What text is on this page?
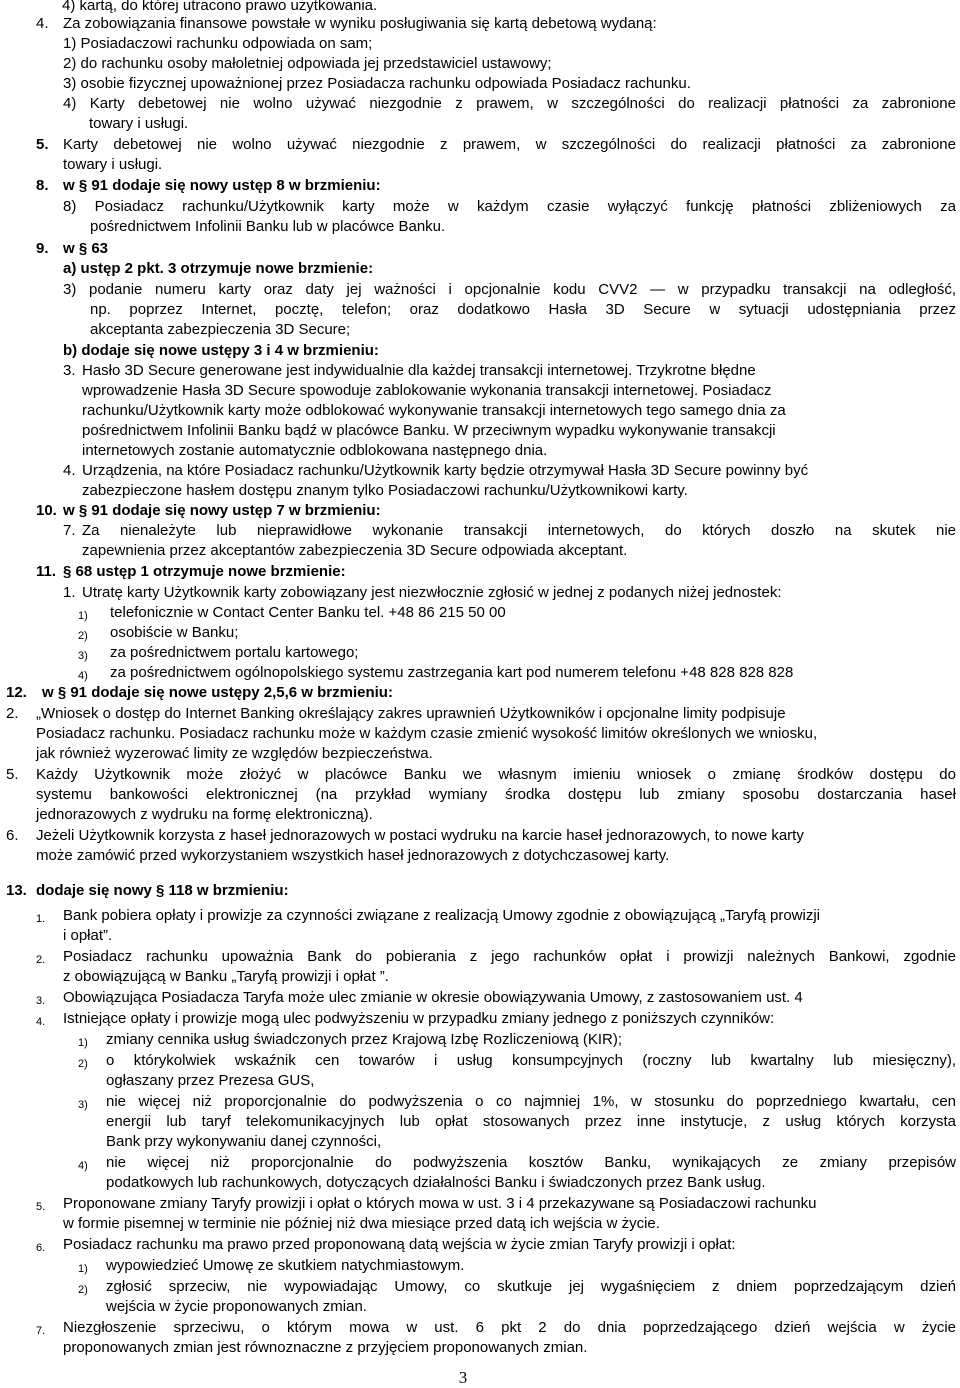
4) kartą, do której utracono prawo użytkowania.
4. Za zobowiązania finansowe powstałe w wyniku posługiwania się kartą debetową wydaną:
1) Posiadaczowi rachunku odpowiada on sam;
2) do rachunku osoby małoletniej odpowiada jej przedstawiciel ustawowy;
3) osobie fizycznej upoważnionej przez Posiadacza rachunku odpowiada Posiadacz rachunku.
4) Karty debetowej nie wolno używać niezgodnie z prawem, w szczególności do realizacji płatności za zabronione
towary i usługi.
5. Karty debetowej nie wolno używać niezgodnie z prawem, w szczególności do realizacji płatności za zabronione
towary i usługi.
8. w § 91 dodaje się nowy ustęp 8 w brzmieniu:
8) Posiadacz rachunku/Użytkownik karty może w każdym czasie wyłączyć funkcję płatności zbliżeniowych za
pośrednictwem Infolinii Banku lub w placówce Banku.
9. w § 63
a) ustęp 2 pkt. 3 otrzymuje nowe brzmienie:
3) podanie numeru karty oraz daty jej ważności i opcjonalnie kodu CVV2 — w przypadku transakcji na odległość,
np. poprzez Internet, pocztę, telefon; oraz dodatkowo Hasła 3D Secure w sytuacji udostępniania przez
akceptanta zabezpieczenia 3D Secure;
b) dodaje się nowe ustępy 3 i 4 w brzmieniu:
3. Hasło 3D Secure generowane jest indywidualnie dla każdej transakcji internetowej. Trzykrotne błędne
wprowadzenie Hasła 3D Secure spowoduje zablokowanie wykonania transakcji internetowej. Posiadacz
rachunku/Użytkownik karty może odblokować wykonywanie transakcji internetowych tego samego dnia za
pośrednictwem Infolinii Banku bądź w placówce Banku. W przeciwnym wypadku wykonywanie transakcji
internetowych zostanie automatycznie odblokowana następnego dnia.
4. Urządzenia, na które Posiadacz rachunku/Użytkownik karty będzie otrzymywał Hasła 3D Secure powinny być
zabezpieczone hasłem dostępu znanym tylko Posiadaczowi rachunku/Użytkownikowi karty.
10. w § 91 dodaje się nowy ustęp 7 w brzmieniu:
7. Za nienależyte lub nieprawidłowe wykonanie transakcji internetowych, do których doszło na skutek nie
zapewnienia przez akceptantów zabezpieczenia 3D Secure odpowiada akceptant.
11. § 68 ustęp 1 otrzymuje nowe brzmienie:
1. Utratę karty Użytkownik karty zobowiązany jest niezwłocznie zgłosić w jednej z podanych niżej jednostek:
1) telefonicznie w Contact Center Banku tel. +48 86 215 50 00
2) osobiście w Banku;
3) za pośrednictwem portalu kartowego;
4) za pośrednictwem ogólnopolskiego systemu zastrzegania kart pod numerem telefonu +48 828 828 828
12. w § 91 dodaje się nowe ustępy 2,5,6 w brzmieniu:
2. „Wniosek o dostęp do Internet Banking określający zakres uprawnień Użytkowników i opcjonalne limity podpisuje
Posiadacz rachunku. Posiadacz rachunku może w każdym czasie zmienić wysokość limitów określonych we wniosku,
jak również wyzerować limity ze względów bezpieczeństwa.
5. Każdy Użytkownik może złożyć w placówce Banku we własnym imieniu wniosek o zmianę środków dostępu do
systemu bankowości elektronicznej (na przykład wymiany środka dostępu lub zmiany sposobu dostarczania haseł
jednorazowych z wydruku na formę elektroniczną).
6. Jeżeli Użytkownik korzysta z haseł jednorazowych w postaci wydruku na karcie haseł jednorazowych, to nowe karty
może zamówić przed wykorzystaniem wszystkich haseł jednorazowych z dotychczasowej karty.
13. dodaje się nowy § 118 w brzmieniu:
1. Bank pobiera opłaty i prowizje za czynności związane z realizacją Umowy zgodnie z obowiązującą „Taryfą prowizji
i opłat”.
2. Posiadacz rachunku upoważnia Bank do pobierania z jego rachunków opłat i prowizji należnych Bankowi, zgodnie
z obowiązującą w Banku „Taryfą prowizji i opłat ”.
3. Obowiązująca Posiadacza Taryfa może ulec zmianie w okresie obowiązywania Umowy, z zastosowaniem ust. 4
4. Istniejące opłaty i prowizje mogą ulec podwyższeniu w przypadku zmiany jednego z poniższych czynników:
1) zmiany cennika usług świadczonych przez Krajową Izbę Rozliczeniową (KIR);
2) o którykolwiek wskaźnik cen towarów i usług konsumpcyjnych (roczny lub kwartalny lub miesięczny),
ogłaszany przez Prezesa GUS,
3) nie więcej niż proporcjonalnie do podwyższenia o co najmniej 1%, w stosunku do poprzedniego kwartału, cen
energii lub taryf telekomunikacyjnych lub opłat stosowanych przez inne instytucje, z usług których korzysta
Bank przy wykonywaniu danej czynności,
4) nie więcej niż proporcjonalnie do podwyższenia kosztów Banku, wynikających ze zmiany przepisów
podatkowych lub rachunkowych, dotyczących działalności Banku i świadczonych przez Bank usług.
5. Proponowane zmiany Taryfy prowizji i opłat o których mowa w ust. 3 i 4 przekazywane są Posiadaczowi rachunku
w formie pisemnej w terminie nie później niż dwa miesiące przed datą ich wejścia w życie.
6. Posiadacz rachunku ma prawo przed proponowaną datą wejścia w życie zmian Taryfy prowizji i opłat:
1) wypowiedzieć Umowę ze skutkiem natychmiastowym.
2) zgłosić sprzeciw, nie wypowiadając Umowy, co skutkuje jej wygaśnięciem z dniem poprzedzającym dzień
wejścia w życie proponowanych zmian.
7. Niezgłoszenie sprzeciwu, o którym mowa w ust. 6 pkt 2 do dnia poprzedzającego dzień wejścia w życie
proponowanych zmian jest równoznaczne z przyjęciem proponowanych zmian.
3
